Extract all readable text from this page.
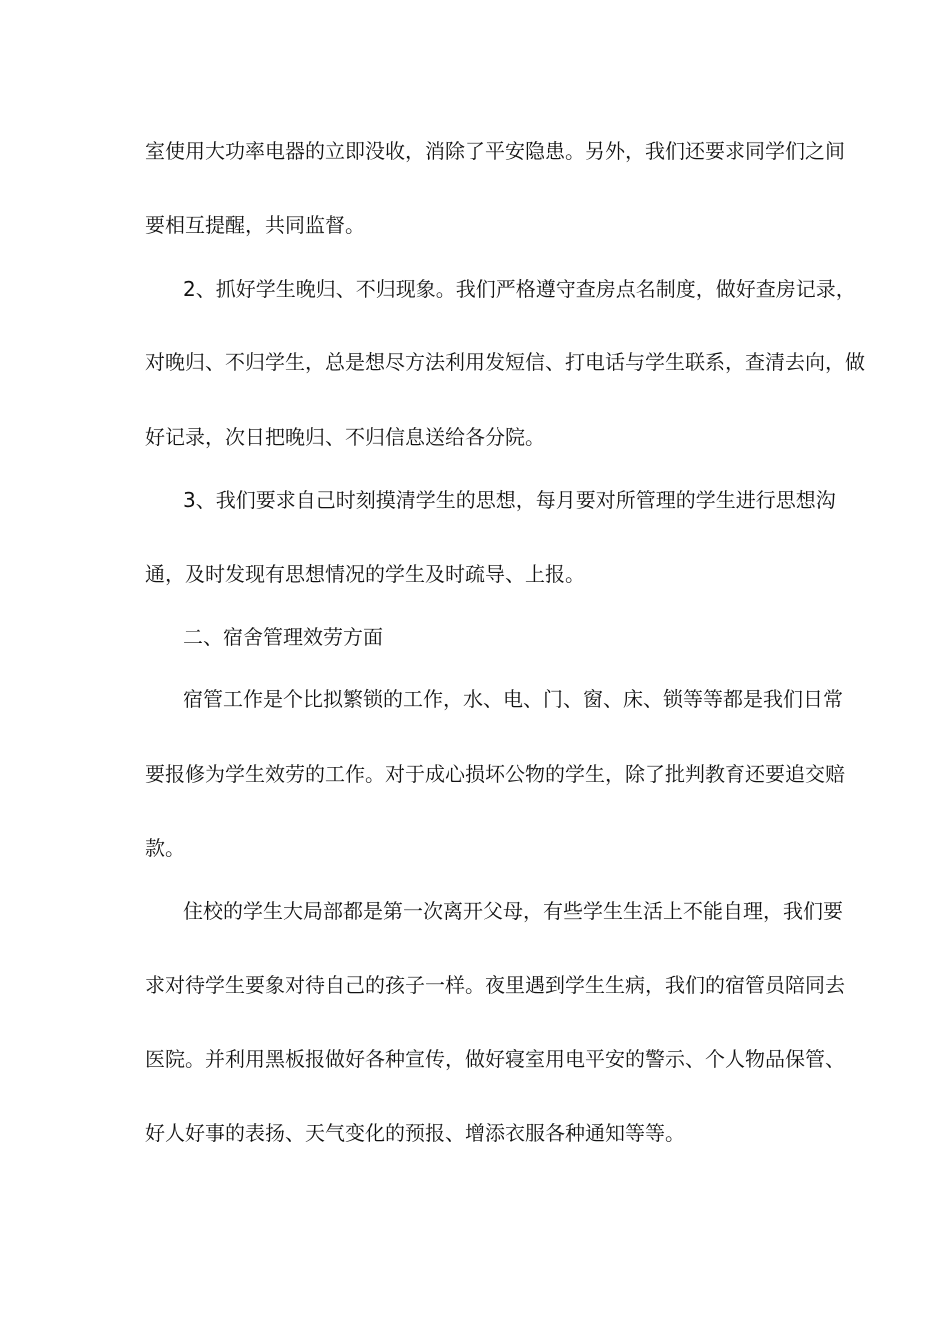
室使用大功率电器的立即没收，消除了平安隐患。另外，我们还要求同学们之间
要相互提醒，共同监督。
2、抓好学生晚归、不归现象。我们严格遵守查房点名制度，做好查房记录，
对晚归、不归学生，总是想尽方法利用发短信、打电话与学生联系，查清去向，做
好记录，次日把晚归、不归信息送给各分院。
3、我们要求自己时刻摸清学生的思想，每月要对所管理的学生进行思想沟
通，及时发现有思想情况的学生及时疏导、上报。
二、宿舍管理效劳方面
宿管工作是个比拟繁锁的工作，水、电、门、窗、床、锁等等都是我们日常
要报修为学生效劳的工作。对于成心损坏公物的学生，除了批判教育还要追交赔
款。
住校的学生大局部都是第一次离开父母，有些学生生活上不能自理，我们要
求对待学生要象对待自己的孩子一样。夜里遇到学生生病，我们的宿管员陪同去
医院。并利用黑板报做好各种宣传，做好寝室用电平安的警示、个人物品保管、
好人好事的表扬、天气变化的预报、增添衣服各种通知等等。
